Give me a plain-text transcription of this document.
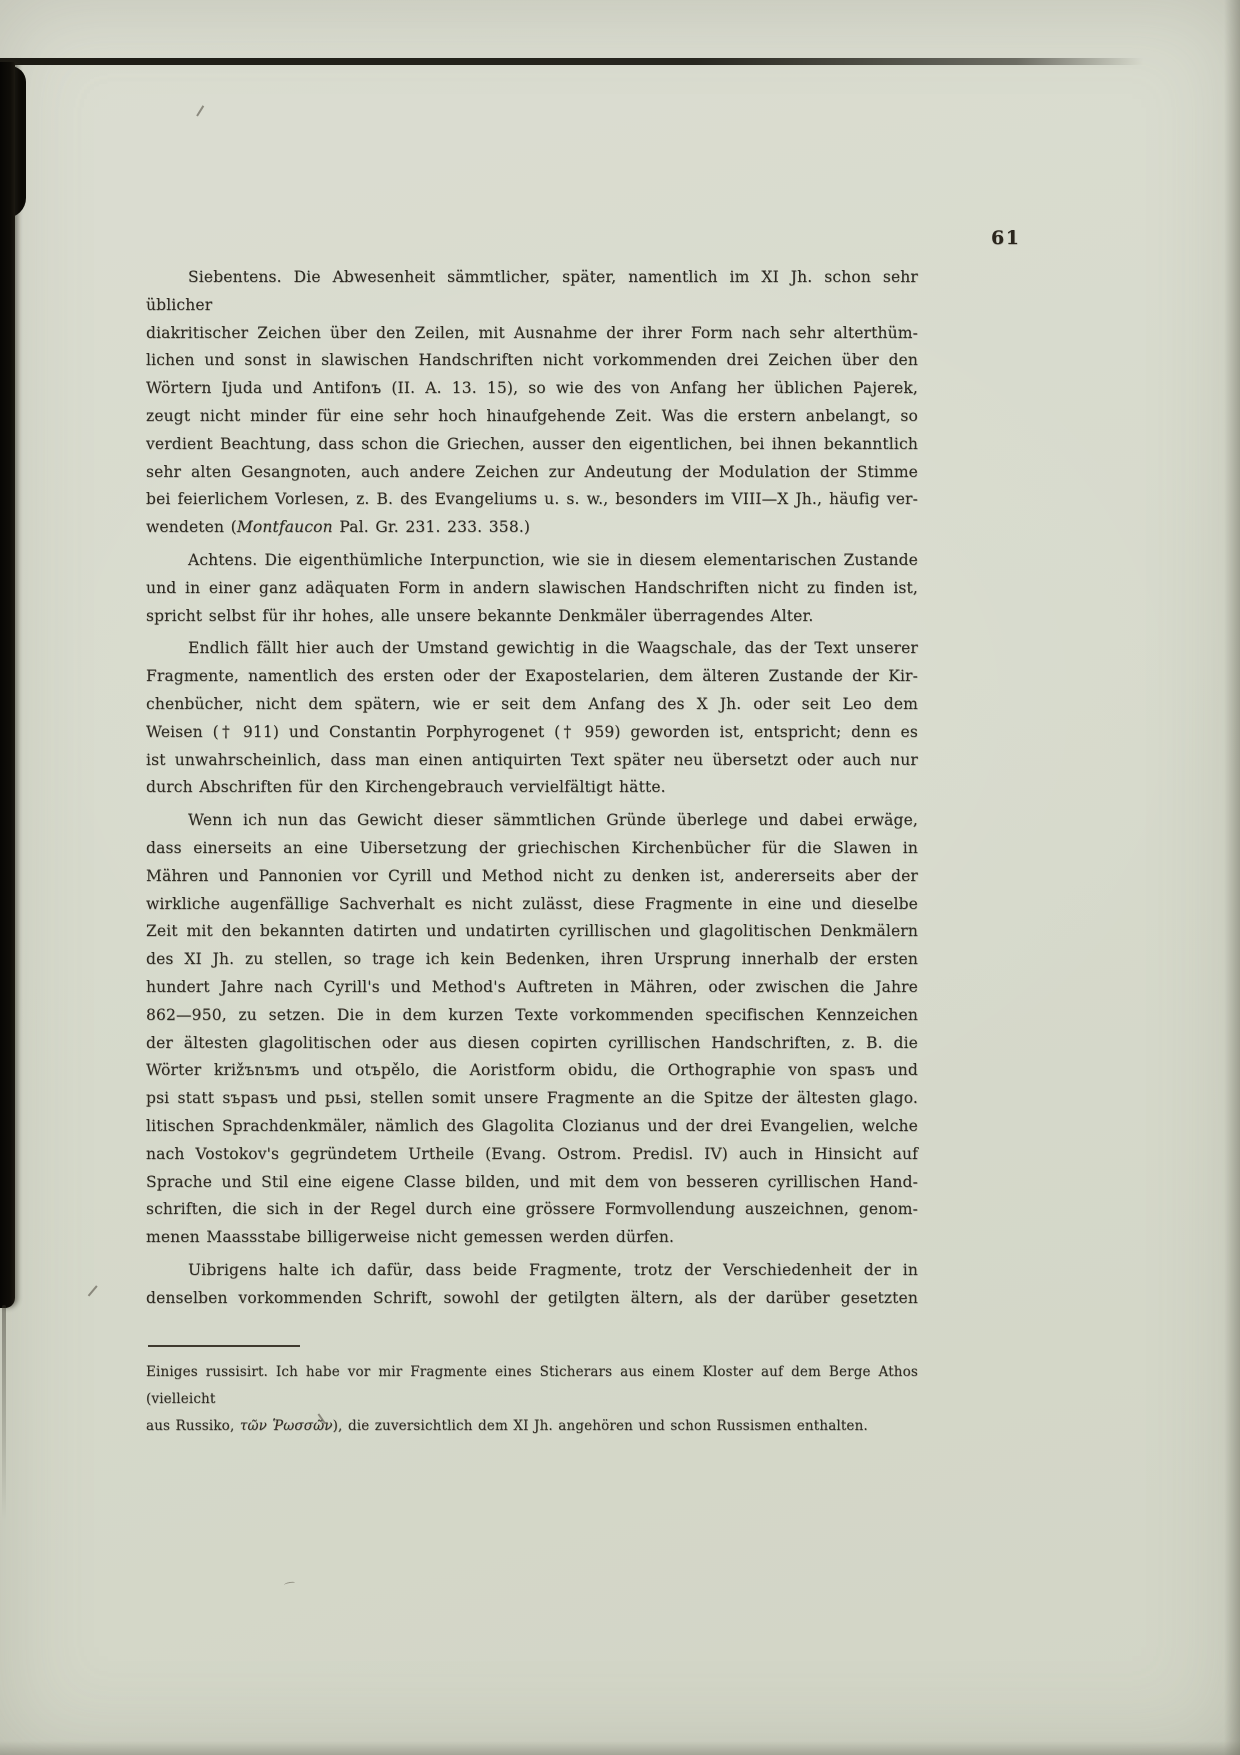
61
Siebentens. Die Abwesenheit sämmtlicher, später, namentlich im XI Jh. schon sehr üblicher
diakritischer Zeichen über den Zeilen, mit Ausnahme der ihrer Form nach sehr alterthüm-
lichen und sonst in slawischen Handschriften nicht vorkommenden drei Zeichen über den
Wörtern Ijuda und Antifonъ (II. A. 13. 15), so wie des von Anfang her üblichen Pajerek,
zeugt nicht minder für eine sehr hoch hinaufgehende Zeit. Was die erstern anbelangt, so
verdient Beachtung, dass schon die Griechen, ausser den eigentlichen, bei ihnen bekanntlich
sehr alten Gesangnoten, auch andere Zeichen zur Andeutung der Modulation der Stimme
bei feierlichem Vorlesen, z. B. des Evangeliums u. s. w., besonders im VIII—X Jh., häufig ver-
wendeten (Montfaucon Pal. Gr. 231. 233. 358.)
Achtens. Die eigenthümliche Interpunction, wie sie in diesem elementarischen Zustande
und in einer ganz adäquaten Form in andern slawischen Handschriften nicht zu finden ist,
spricht selbst für ihr hohes, alle unsere bekannte Denkmäler überragendes Alter.
Endlich fällt hier auch der Umstand gewichtig in die Waagschale, das der Text unserer
Fragmente, namentlich des ersten oder der Exapostelarien, dem älteren Zustande der Kir-
chenbücher, nicht dem spätern, wie er seit dem Anfang des X Jh. oder seit Leo dem
Weisen († 911) und Constantin Porphyrogenet († 959) geworden ist, entspricht; denn es
ist unwahrscheinlich, dass man einen antiquirten Text später neu übersetzt oder auch nur
durch Abschriften für den Kirchengebrauch vervielfältigt hätte.
Wenn ich nun das Gewicht dieser sämmtlichen Gründe überlege und dabei erwäge,
dass einerseits an eine Uibersetzung der griechischen Kirchenbücher für die Slawen in
Mähren und Pannonien vor Cyrill und Method nicht zu denken ist, andererseits aber der
wirkliche augenfällige Sachverhalt es nicht zulässt, diese Fragmente in eine und dieselbe
Zeit mit den bekannten datirten und undatirten cyrillischen und glagolitischen Denkmälern
des XI Jh. zu stellen, so trage ich kein Bedenken, ihren Ursprung innerhalb der ersten
hundert Jahre nach Cyrill's und Method's Auftreten in Mähren, oder zwischen die Jahre
862—950, zu setzen. Die in dem kurzen Texte vorkommenden specifischen Kennzeichen
der ältesten glagolitischen oder aus diesen copirten cyrillischen Handschriften, z. B. die
Wörter križъnъmъ und otъpělo, die Aoristform obidu, die Orthographie von spasъ und
psi statt sъpasъ und pьsi, stellen somit unsere Fragmente an die Spitze der ältesten glago.
litischen Sprachdenkmäler, nämlich des Glagolita Clozianus und der drei Evangelien, welche
nach Vostokov's gegründetem Urtheile (Evang. Ostrom. Predisl. IV) auch in Hinsicht auf
Sprache und Stil eine eigene Classe bilden, und mit dem von besseren cyrillischen Hand-
schriften, die sich in der Regel durch eine grössere Formvollendung auszeichnen, genom-
menen Maassstabe billigerweise nicht gemessen werden dürfen.
Uibrigens halte ich dafür, dass beide Fragmente, trotz der Verschiedenheit der in
denselben vorkommenden Schrift, sowohl der getilgten ältern, als der darüber gesetzten
Einiges russisirt. Ich habe vor mir Fragmente eines Sticherars aus einem Kloster auf dem Berge Athos (vielleicht
aus Russiko, τῶν Ῥωσσῶν), die zuversichtlich dem XI Jh. angehören und schon Russismen enthalten.
